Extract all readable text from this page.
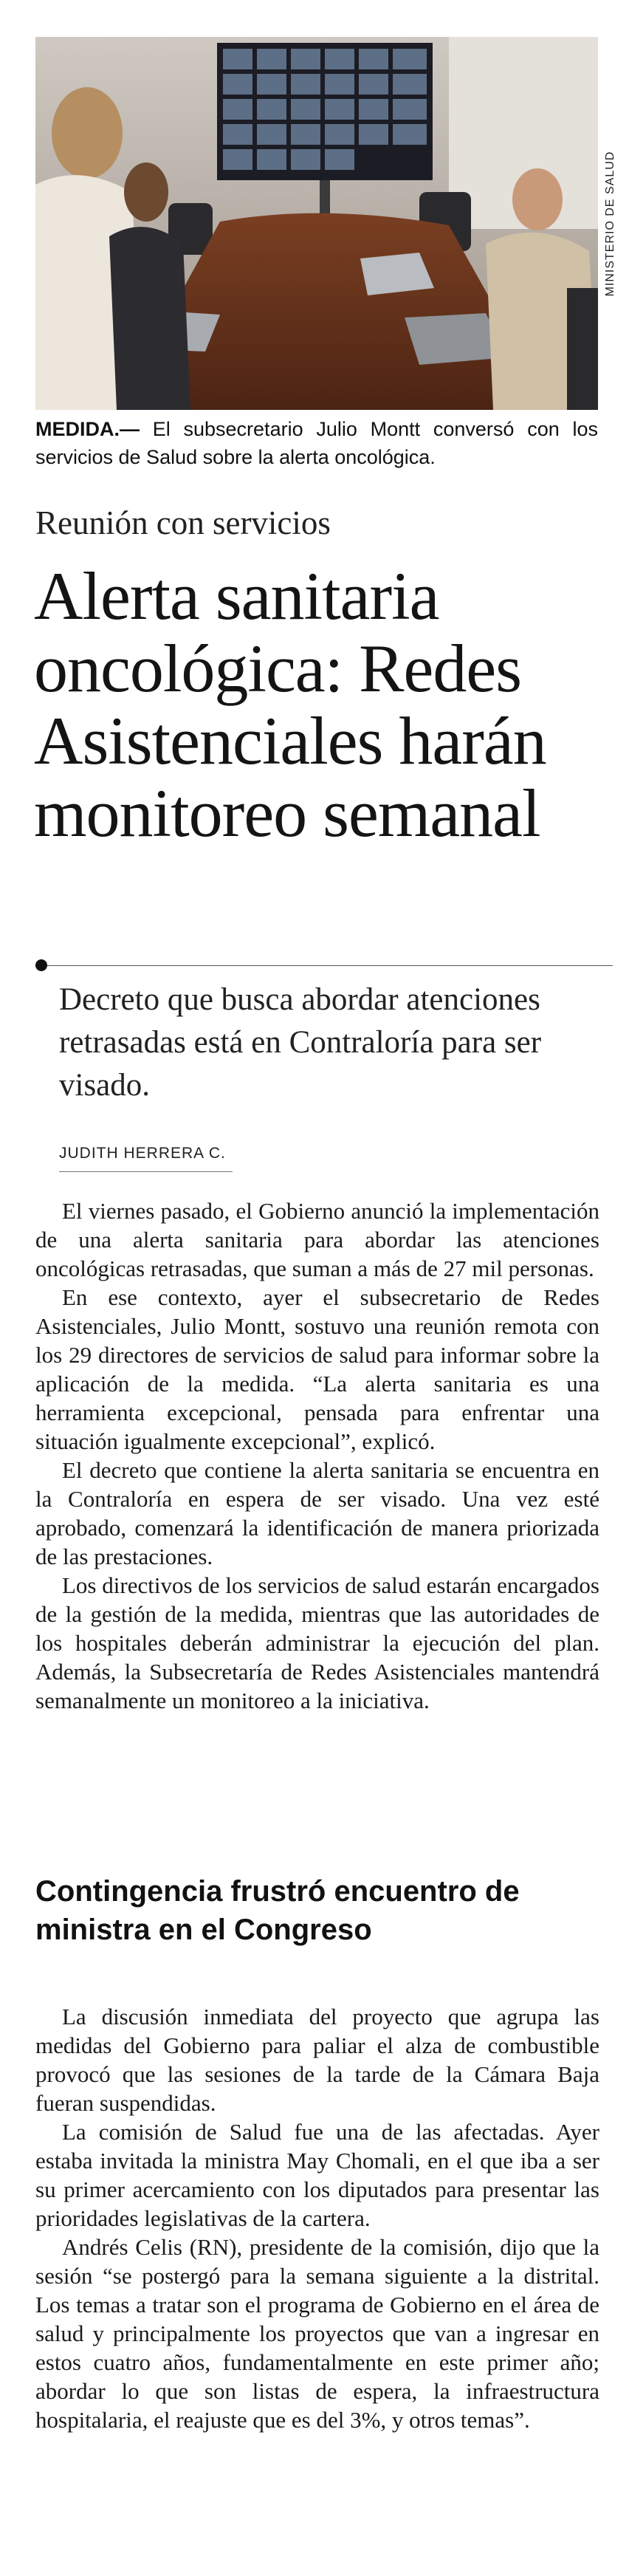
MINISTERIO DE SALUD
MEDIDA.— El subsecretario Julio Montt conversó con los servicios de Salud sobre la alerta oncológica.
Reunión con servicios
Alerta sanitaria oncológica: Redes Asistenciales harán monitoreo semanal
Decreto que busca abordar atenciones retrasadas está en Contraloría para ser visado.
JUDITH HERRERA C.

El viernes pasado, el Gobierno anunció la implementación de una alerta sanitaria para abordar las atenciones oncológicas retrasadas, que suman a más de 27 mil personas.

En ese contexto, ayer el subsecretario de Redes Asistenciales, Julio Montt, sostuvo una reunión remota con los 29 directores de servicios de salud para informar sobre la aplicación de la medida. “La alerta sanitaria es una herramienta excepcional, pensada para enfrentar una situación igualmente excepcional”, explicó.

El decreto que contiene la alerta sanitaria se encuentra en la Contraloría en espera de ser visado. Una vez esté aprobado, comenzará la identificación de manera priorizada de las prestaciones.

Los directivos de los servicios de salud estarán encargados de la gestión de la medida, mientras que las autoridades de los hospitales deberán administrar la ejecución del plan. Además, la Subsecretaría de Redes Asistenciales mantendrá semanalmente un monitoreo a la iniciativa.

Contingencia frustró encuentro de ministra en el Congreso

La discusión inmediata del proyecto que agrupa las medidas del Gobierno para paliar el alza de combustible provocó que las sesiones de la tarde de la Cámara Baja fueran suspendidas.

La comisión de Salud fue una de las afectadas. Ayer estaba invitada la ministra May Chomali, en el que iba a ser su primer acercamiento con los diputados para presentar las prioridades legislativas de la cartera.

Andrés Celis (RN), presidente de la comisión, dijo que la sesión “se postergó para la semana siguiente a la distrital. Los temas a tratar son el programa de Gobierno en el área de salud y principalmente los proyectos que van a ingresar en estos cuatro años, fundamentalmente en este primer año; abordar lo que son listas de espera, la infraestructura hospitalaria, el reajuste que es del 3%, y otros temas”.
